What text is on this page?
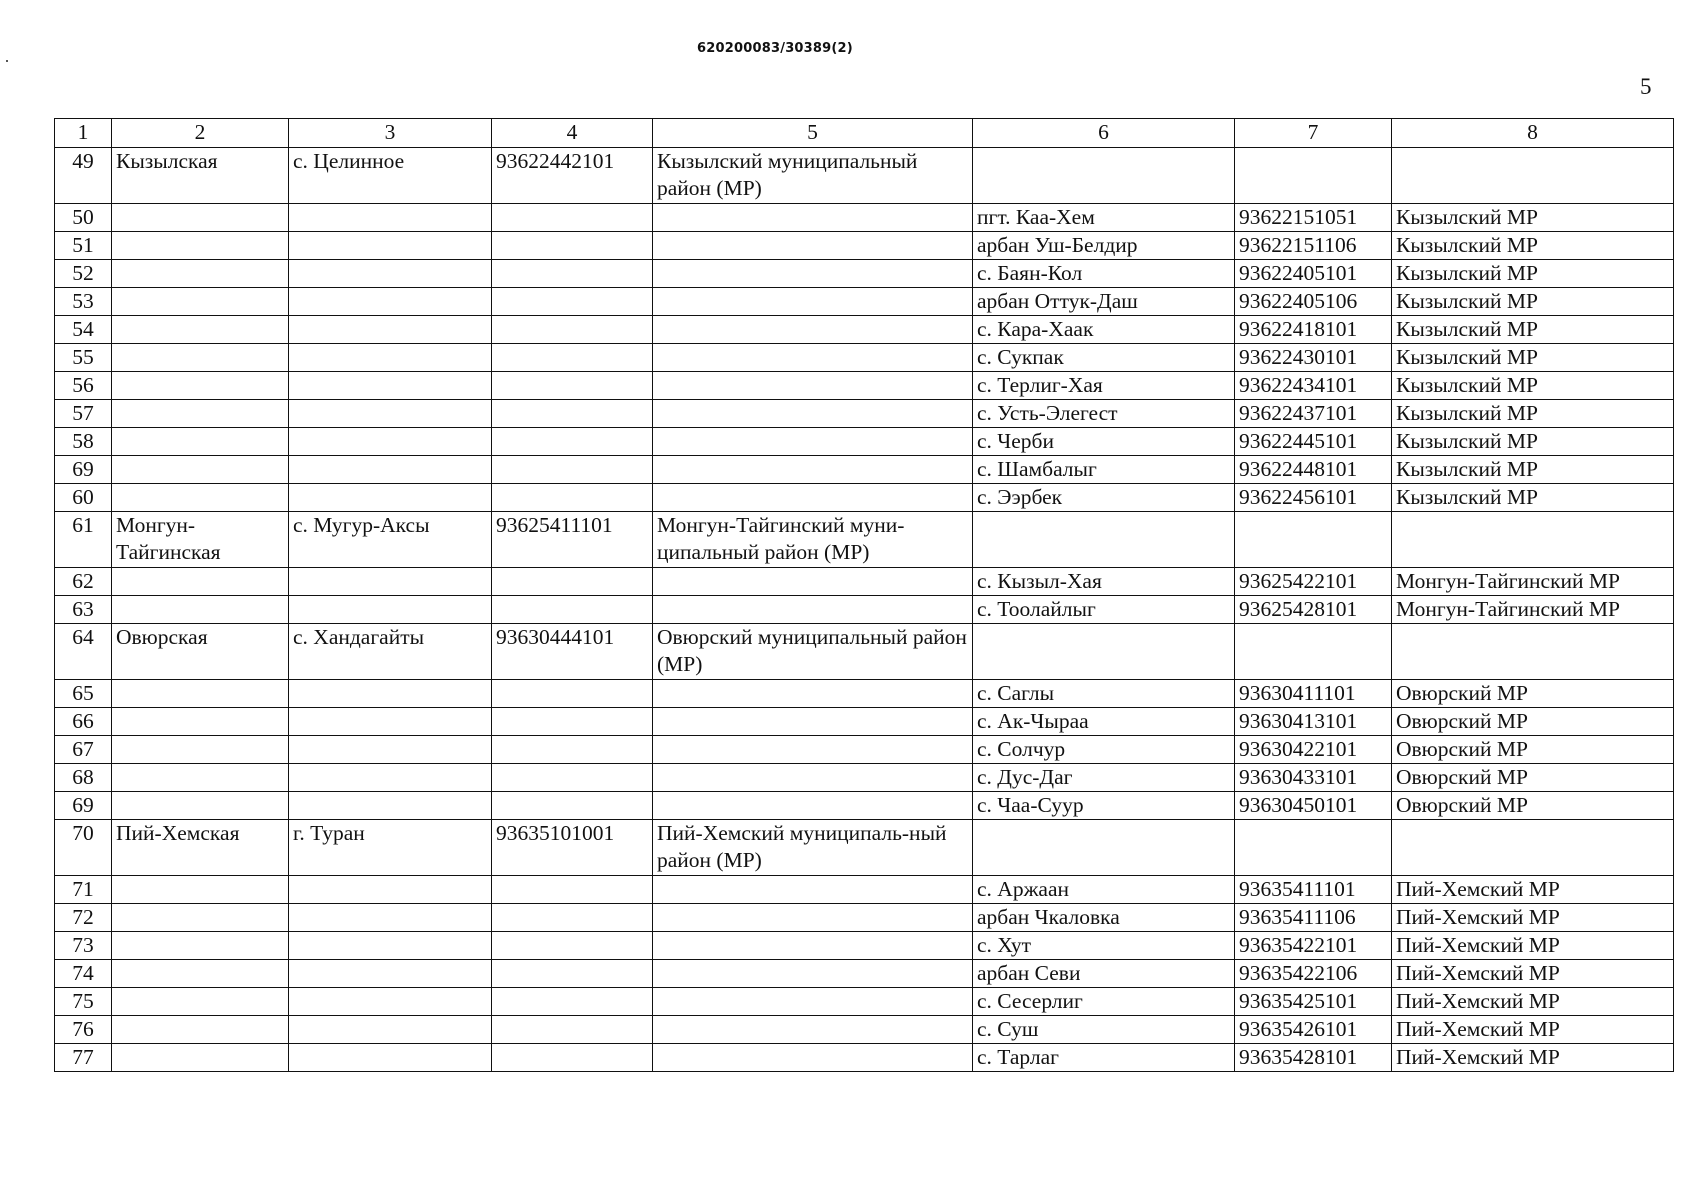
620200083/30389(2)
5
1	2	3	4	5	6	7	8
49	Кызылская	с. Целинное	93622442101	Кызылский муниципальный район (МР)			
50					пгт. Каа-Хем	93622151051	Кызылский МР
51					арбан Уш-Белдир	93622151106	Кызылский МР
52					с. Баян-Кол	93622405101	Кызылский МР
53					арбан Оттук-Даш	93622405106	Кызылский МР
54					с. Кара-Хаак	93622418101	Кызылский МР
55					с. Сукпак	93622430101	Кызылский МР
56					с. Терлиг-Хая	93622434101	Кызылский МР
57					с. Усть-Элегест	93622437101	Кызылский МР
58					с. Черби	93622445101	Кызылский МР
69					с. Шамбалыг	93622448101	Кызылский МР
60					с. Ээрбек	93622456101	Кызылский МР
61	Монгун-Тайгинская	с. Мугур-Аксы	93625411101	Монгун-Тайгинский муни-ципальный район (МР)			
62					с. Кызыл-Хая	93625422101	Монгун-Тайгинский МР
63					с. Тоолайлыг	93625428101	Монгун-Тайгинский МР
64	Овюрская	с. Хандагайты	93630444101	Овюрский муниципальный район (МР)			
65					с. Саглы	93630411101	Овюрский МР
66					с. Ак-Чыраа	93630413101	Овюрский МР
67					с. Солчур	93630422101	Овюрский МР
68					с. Дус-Даг	93630433101	Овюрский МР
69					с. Чаа-Суур	93630450101	Овюрский МР
70	Пий-Хемская	г. Туран	93635101001	Пий-Хемский муниципаль-ный район (МР)			
71					с. Аржаан	93635411101	Пий-Хемский МР
72					арбан Чкаловка	93635411106	Пий-Хемский МР
73					с. Хут	93635422101	Пий-Хемский МР
74					арбан Севи	93635422106	Пий-Хемский МР
75					с. Сесерлиг	93635425101	Пий-Хемский МР
76					с. Суш	93635426101	Пий-Хемский МР
77					с. Тарлаг	93635428101	Пий-Хемский МР
